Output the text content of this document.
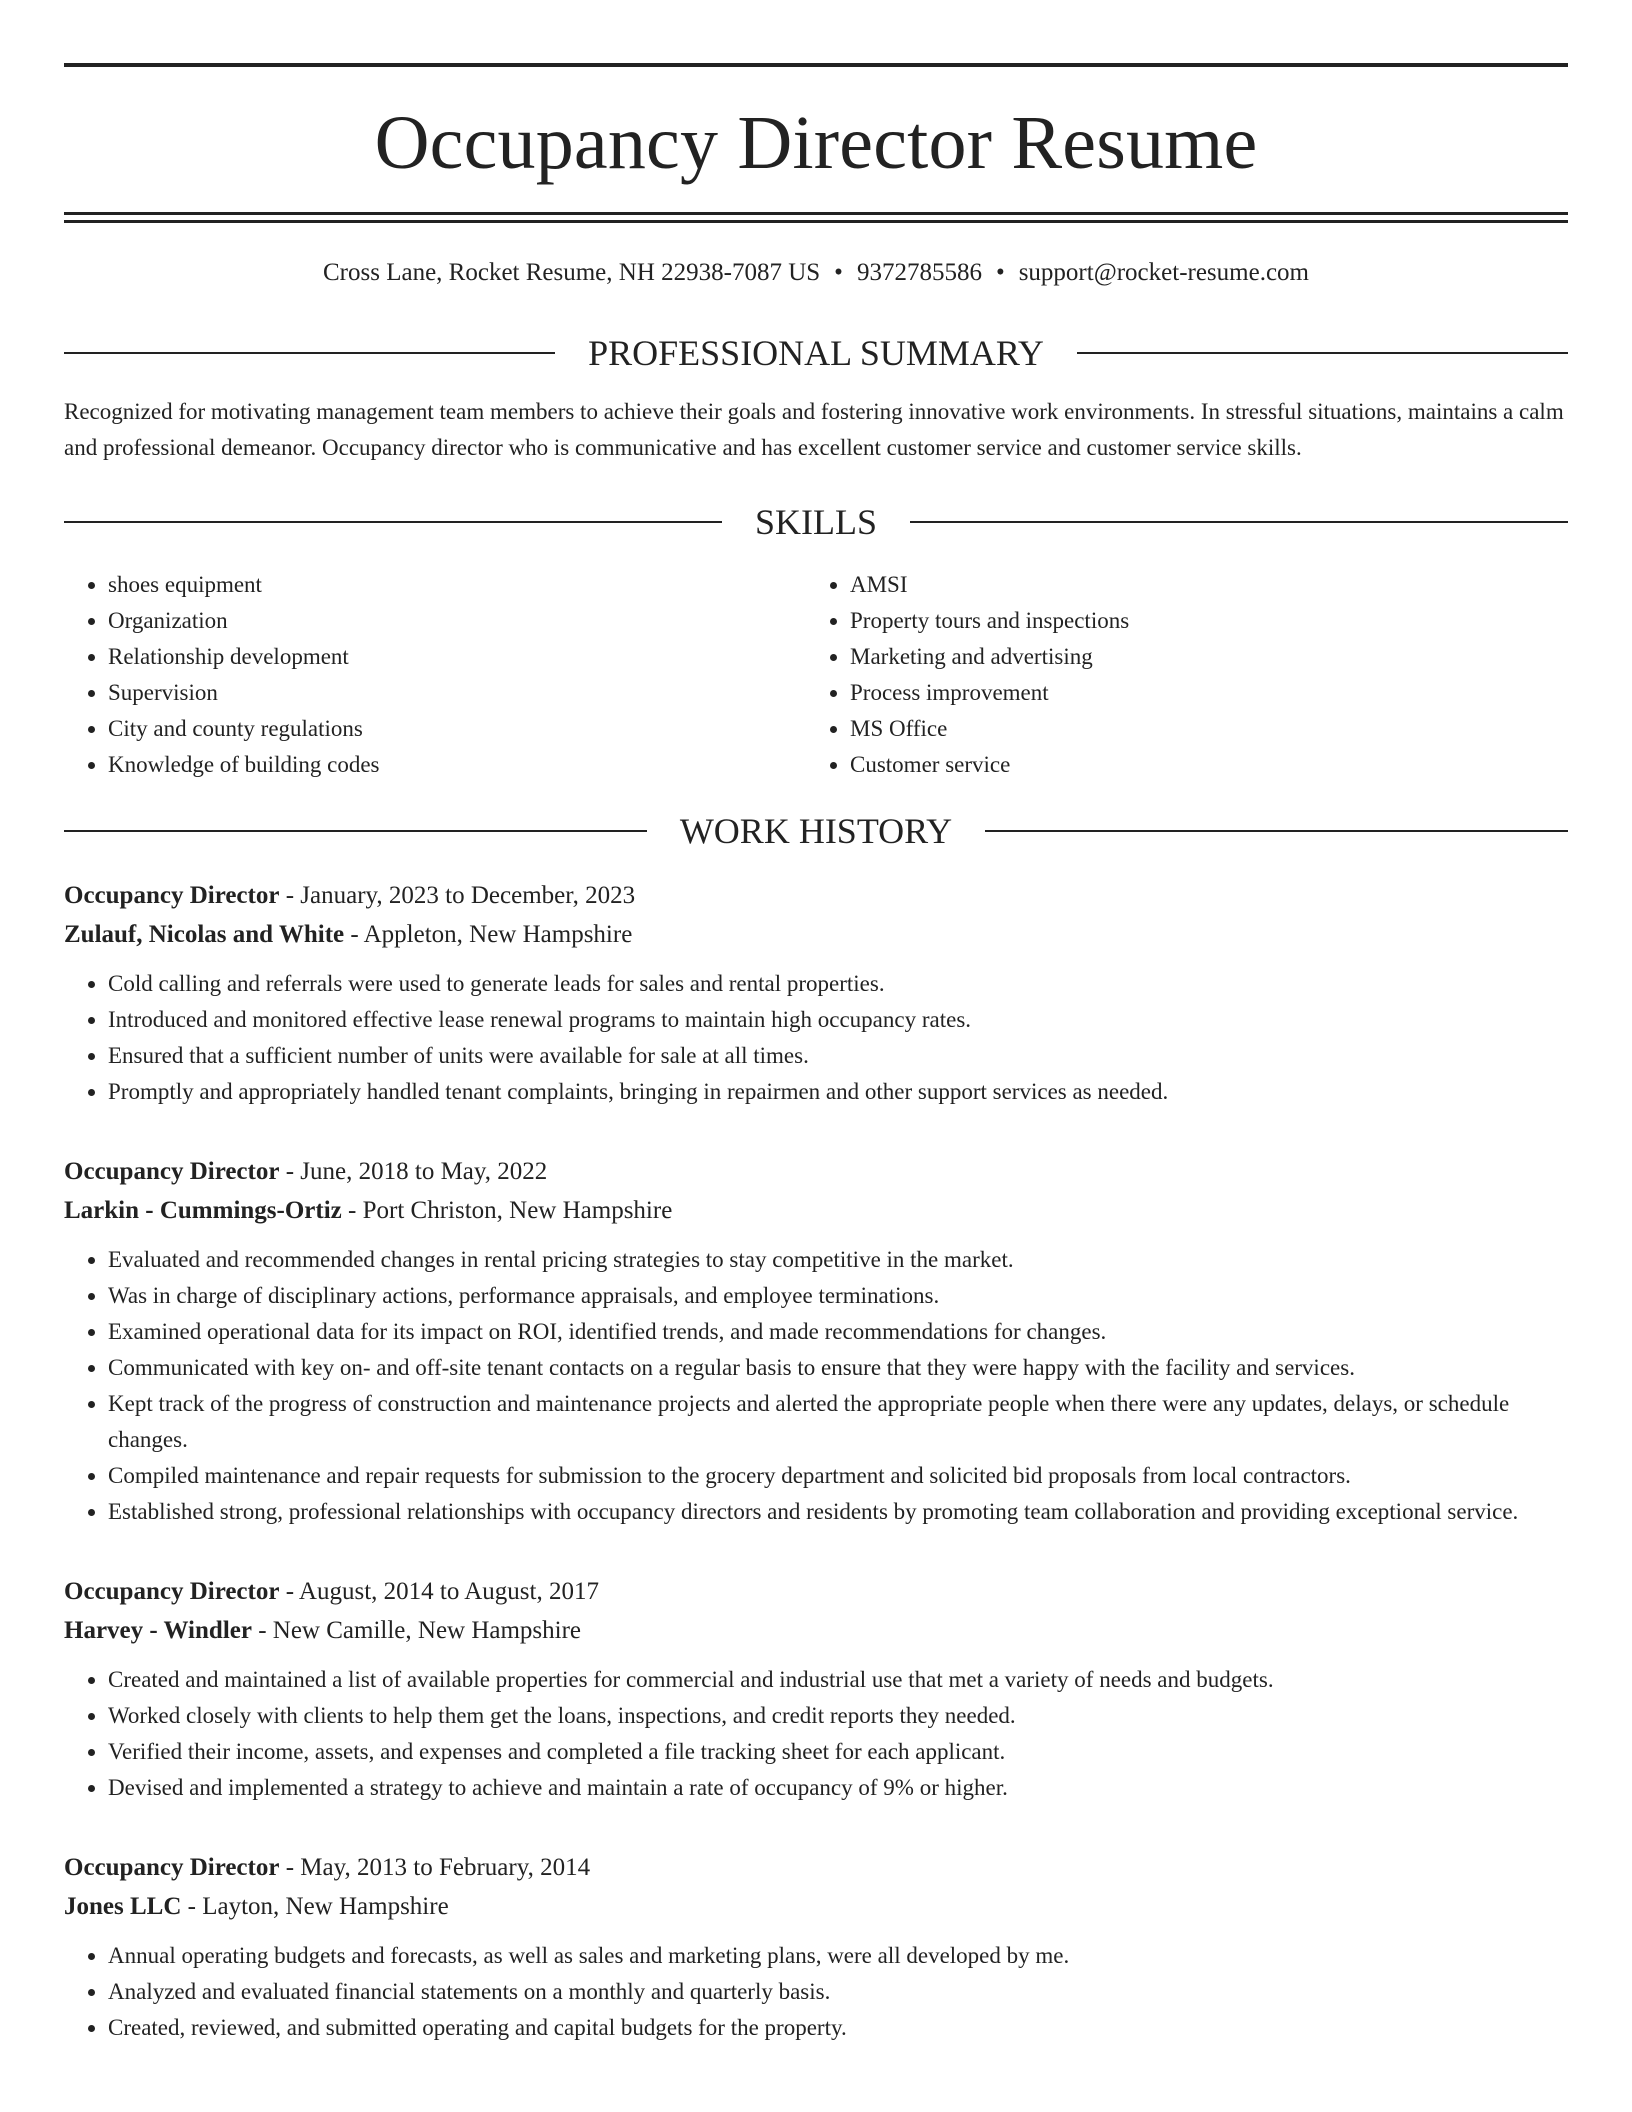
Occupancy Director Resume
Cross Lane, Rocket Resume, NH 22938-7087 US • 9372785586 • support@rocket-resume.com
PROFESSIONAL SUMMARY
Recognized for motivating management team members to achieve their goals and fostering innovative work environments. In stressful situations, maintains a calm and professional demeanor. Occupancy director who is communicative and has excellent customer service and customer service skills.
SKILLS
• shoes equipment
• Organization
• Relationship development
• Supervision
• City and county regulations
• Knowledge of building codes
• AMSI
• Property tours and inspections
• Marketing and advertising
• Process improvement
• MS Office
• Customer service
WORK HISTORY
Occupancy Director - January, 2023 to December, 2023
Zulauf, Nicolas and White - Appleton, New Hampshire
• Cold calling and referrals were used to generate leads for sales and rental properties.
• Introduced and monitored effective lease renewal programs to maintain high occupancy rates.
• Ensured that a sufficient number of units were available for sale at all times.
• Promptly and appropriately handled tenant complaints, bringing in repairmen and other support services as needed.
Occupancy Director - June, 2018 to May, 2022
Larkin - Cummings-Ortiz - Port Christon, New Hampshire
• Evaluated and recommended changes in rental pricing strategies to stay competitive in the market.
• Was in charge of disciplinary actions, performance appraisals, and employee terminations.
• Examined operational data for its impact on ROI, identified trends, and made recommendations for changes.
• Communicated with key on- and off-site tenant contacts on a regular basis to ensure that they were happy with the facility and services.
• Kept track of the progress of construction and maintenance projects and alerted the appropriate people when there were any updates, delays, or schedule changes.
• Compiled maintenance and repair requests for submission to the grocery department and solicited bid proposals from local contractors.
• Established strong, professional relationships with occupancy directors and residents by promoting team collaboration and providing exceptional service.
Occupancy Director - August, 2014 to August, 2017
Harvey - Windler - New Camille, New Hampshire
• Created and maintained a list of available properties for commercial and industrial use that met a variety of needs and budgets.
• Worked closely with clients to help them get the loans, inspections, and credit reports they needed.
• Verified their income, assets, and expenses and completed a file tracking sheet for each applicant.
• Devised and implemented a strategy to achieve and maintain a rate of occupancy of 9% or higher.
Occupancy Director - May, 2013 to February, 2014
Jones LLC - Layton, New Hampshire
• Annual operating budgets and forecasts, as well as sales and marketing plans, were all developed by me.
• Analyzed and evaluated financial statements on a monthly and quarterly basis.
• Created, reviewed, and submitted operating and capital budgets for the property.
